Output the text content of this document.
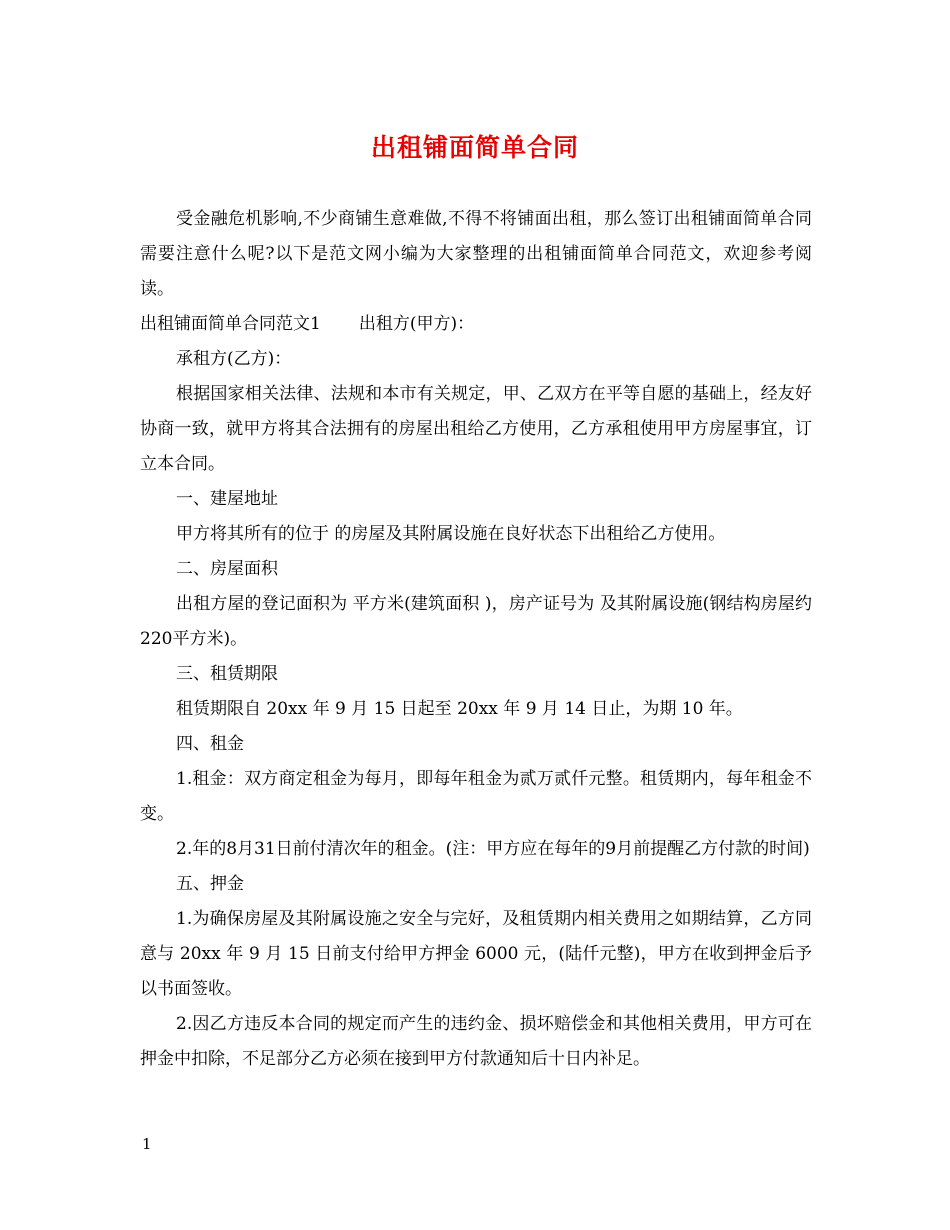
出租铺面简单合同

受金融危机影响,不少商铺生意难做,不得不将铺面出租，那么签订出租铺面简单合同需要注意什么呢?以下是范文网小编为大家整理的出租铺面简单合同范文，欢迎参考阅读。

出租铺面简单合同范文1 出租方(甲方)：

承租方(乙方)：

根据国家相关法律、法规和本市有关规定，甲、乙双方在平等自愿的基础上，经友好协商一致，就甲方将其合法拥有的房屋出租给乙方使用，乙方承租使用甲方房屋事宜，订立本合同。

一、建屋地址

甲方将其所有的位于 的房屋及其附属设施在良好状态下出租给乙方使用。

二、房屋面积

出租方屋的登记面积为 平方米(建筑面积 )，房产证号为 及其附属设施(钢结构房屋约220平方米)。

三、租赁期限

租赁期限自 20xx 年 9 月 15 日起至 20xx 年 9 月 14 日止，为期 10 年。

四、租金

1.租金：双方商定租金为每月，即每年租金为贰万贰仟元整。租赁期内，每年租金不变。

2.年的8月31日前付清次年的租金。(注：甲方应在每年的9月前提醒乙方付款的时间)

五、押金

1.为确保房屋及其附属设施之安全与完好，及租赁期内相关费用之如期结算，乙方同意与 20xx 年 9 月 15 日前支付给甲方押金 6000 元，(陆仟元整)，甲方在收到押金后予以书面签收。

2.因乙方违反本合同的规定而产生的违约金、损坏赔偿金和其他相关费用，甲方可在押金中扣除，不足部分乙方必须在接到甲方付款通知后十日内补足。

1
